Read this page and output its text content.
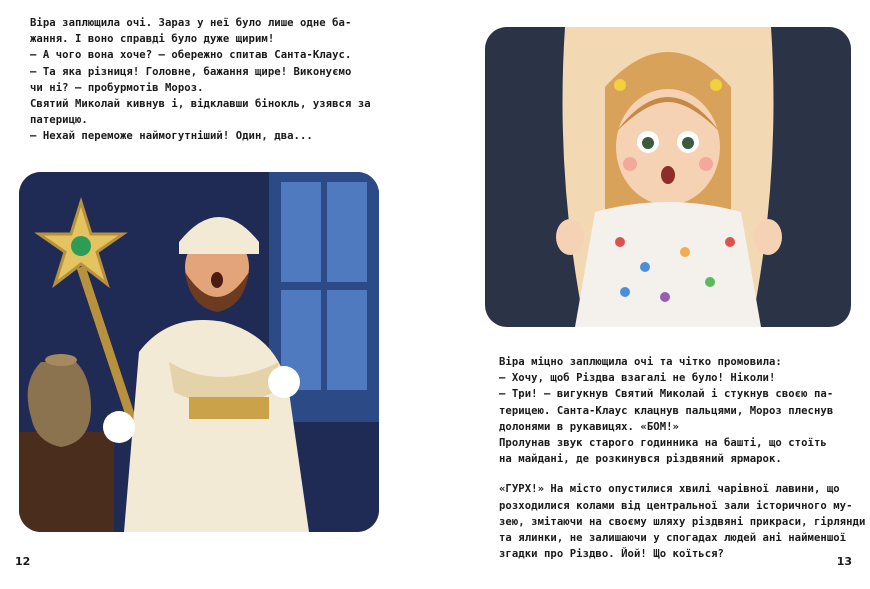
Віра заплющила очі. Зараз у неї було лише одне ба-

жання. І воно справді було дуже щирим!

— А чого вона хоче? — обережно спитав Санта-Клаус.

— Та яка різниця! Головне, бажання щире! Виконуємо

чи ні? — пробурмотів Мороз.

Святий Миколай кивнув і, відклавши бінокль, узявся за

патерицю.

— Нехай переможе наймогутніший! Один, два...

12

Віра міцно заплющила очі та чітко промовила:

— Хочу, щоб Різдва взагалі не було! Ніколи!

— Три! — вигукнув Святий Миколай і стукнув своєю па-

терицею. Санта-Клаус клацнув пальцями, Мороз плеснув

долонями в рукавицях. «БОМ!»

Пролунав звук старого годинника на башті, що стоїть

на майдані, де розкинувся різдвяний ярмарок.

«ГУРХ!» На місто опустилися хвилі чарівної лавини, що

розходилися колами від центральної зали історичного му-

зею, змітаючи на своєму шляху різдвяні прикраси, гірлянди

та ялинки, не залишаючи у спогадах людей ані найменшої

згадки про Різдво. Йой! Що коїться?

13
